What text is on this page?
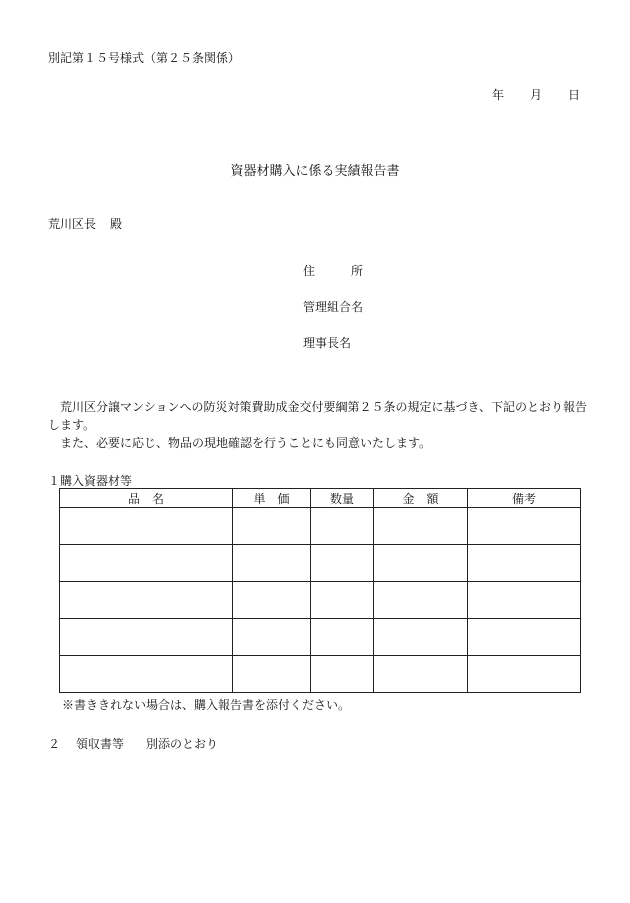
別記第１５号様式（第２５条関係）
年 月 日
資器材購入に係る実績報告書
荒川区長 殿
住	所
管理組合名
理事長名

荒川区分譲マンションへの防災対策費助成金交付要綱第２５条の規定に基づき、下記のとおり報告します。

また、必要に応じ、物品の現地確認を行うことにも同意いたします。

１購入資器材等
品　名	単　価	数量	金　額	備考

※書ききれない場合は、購入報告書を添付ください。
２ 領収書等 別添のとおり
